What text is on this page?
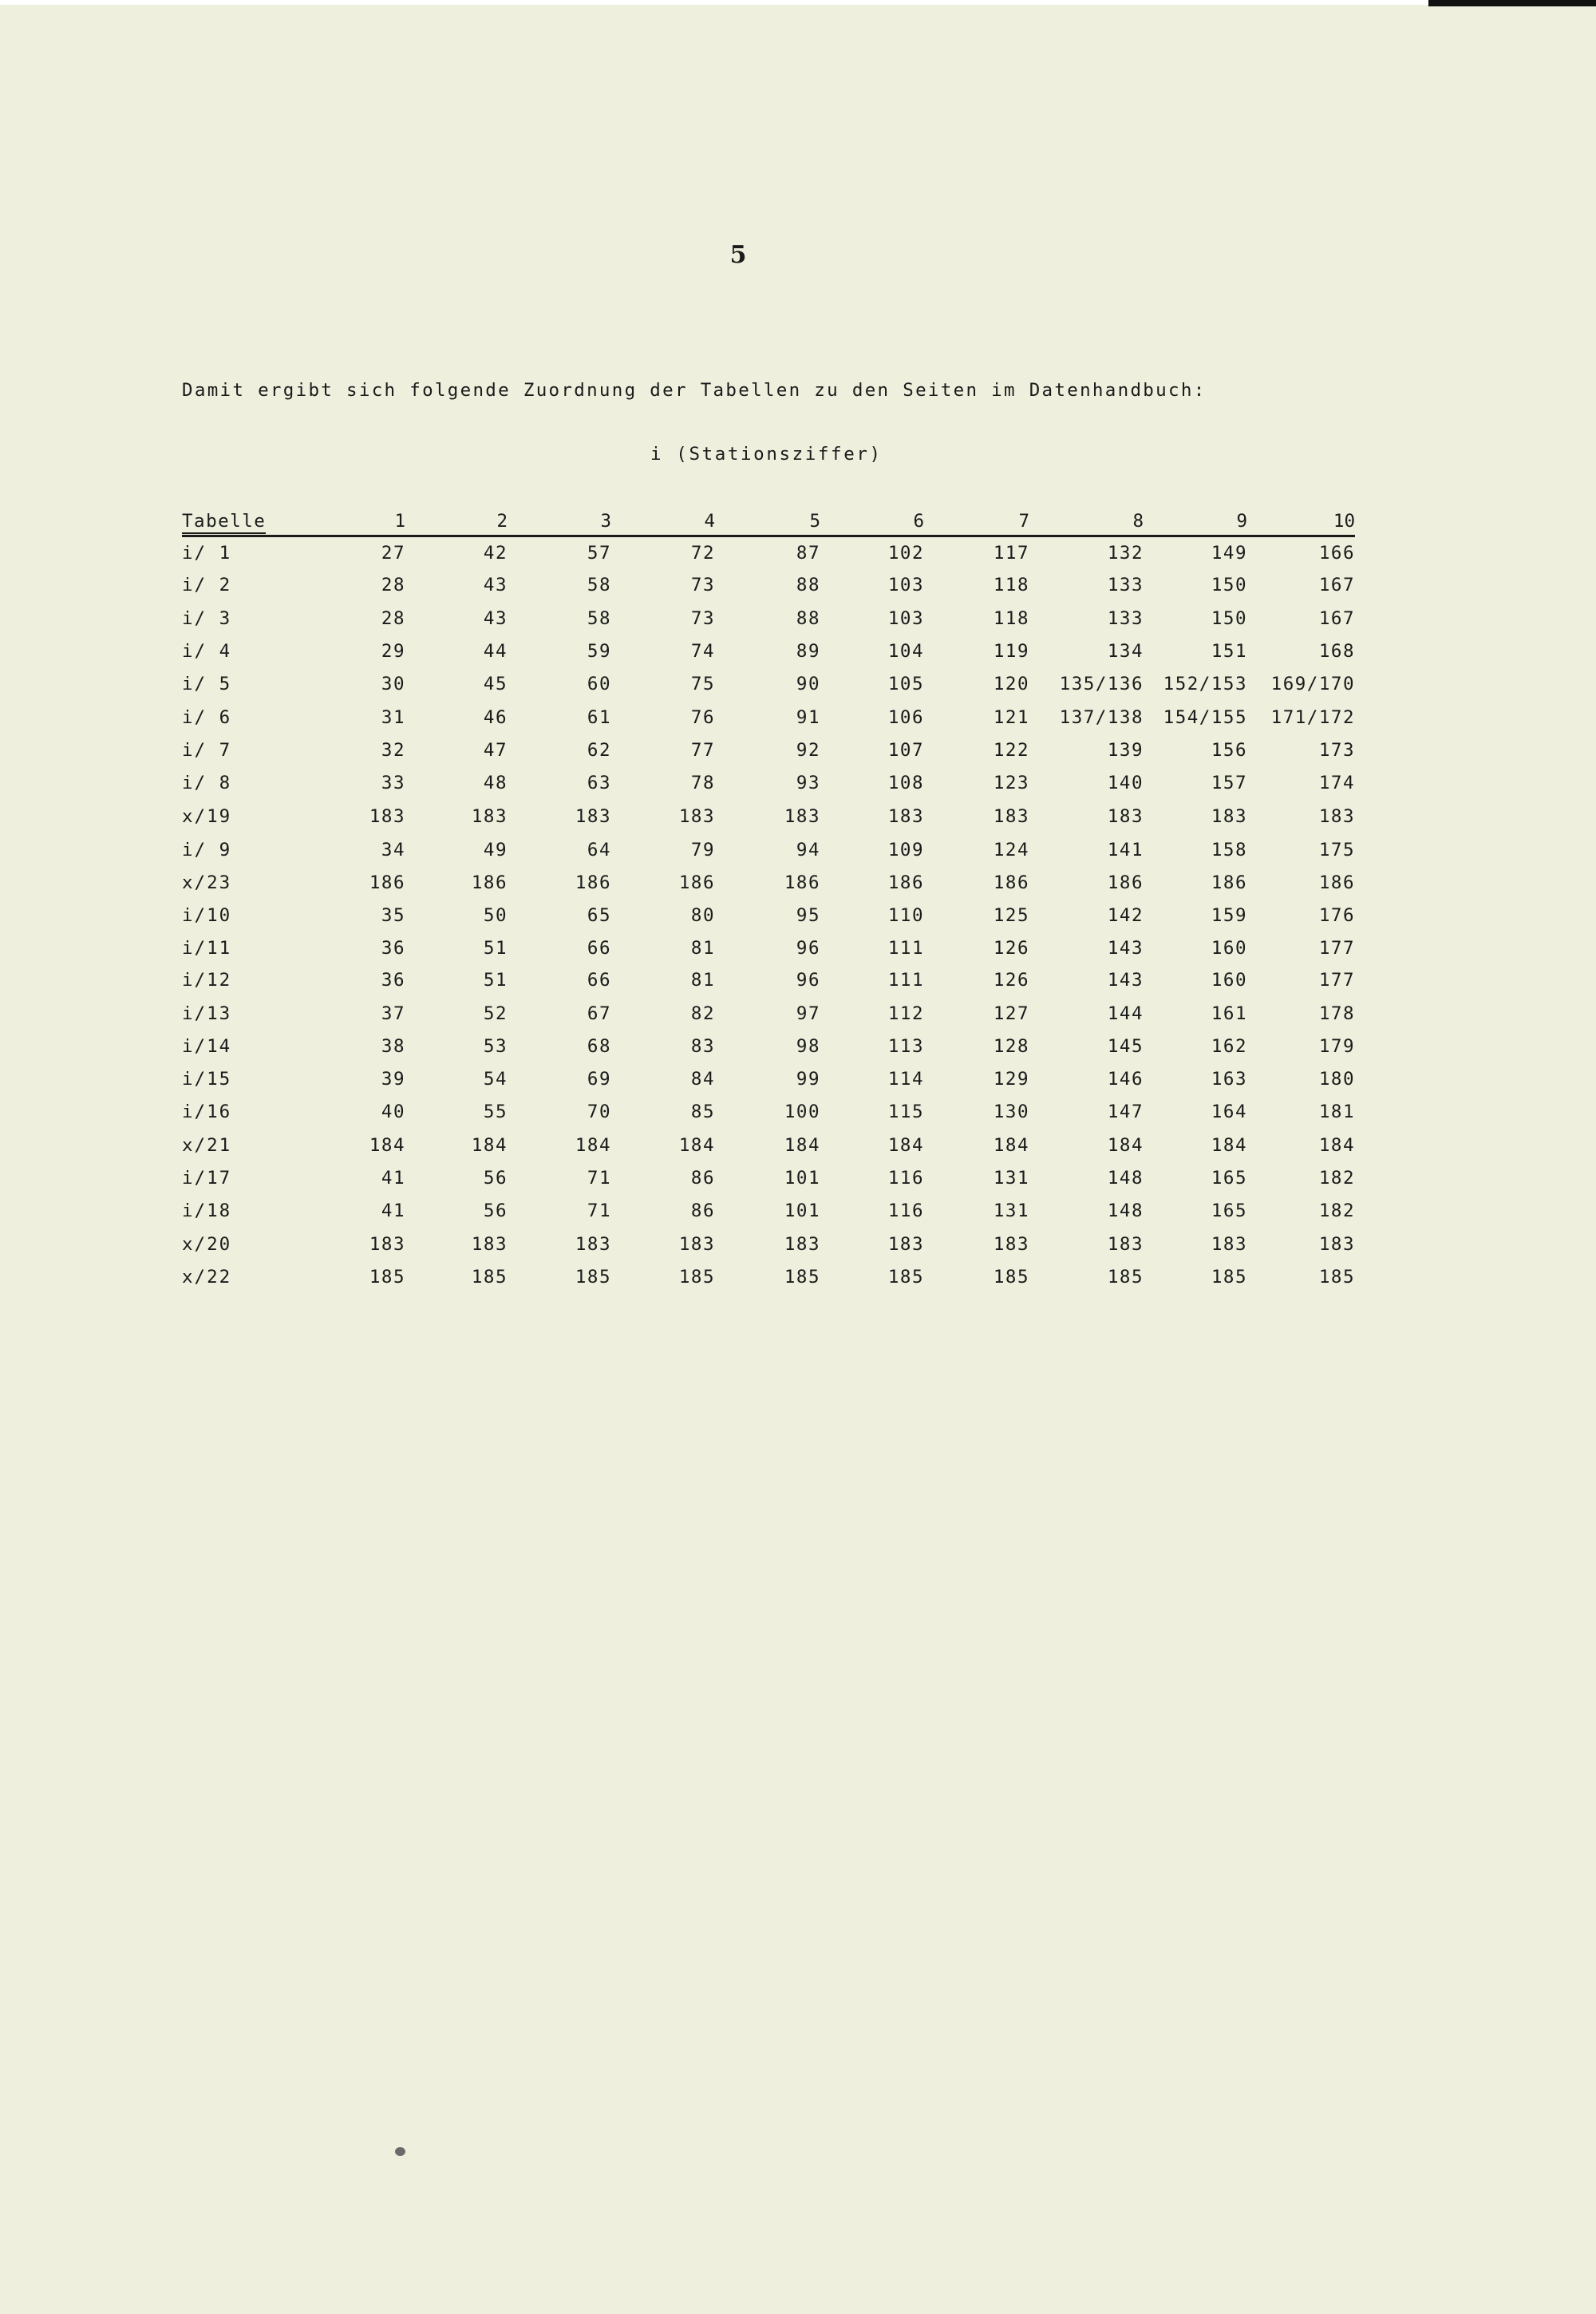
5
Damit ergibt sich folgende Zuordnung der Tabellen zu den Seiten im Datenhandbuch:
i (Stationsziffer)
Tabelle	1	2	3	4	5	6	7	8	9	10
i/ 1	27	42	57	72	87	102	117	132	149	166
i/ 2	28	43	58	73	88	103	118	133	150	167
i/ 3	28	43	58	73	88	103	118	133	150	167
i/ 4	29	44	59	74	89	104	119	134	151	168
i/ 5	30	45	60	75	90	105	120	135/136	152/153	169/170
i/ 6	31	46	61	76	91	106	121	137/138	154/155	171/172
i/ 7	32	47	62	77	92	107	122	139	156	173
i/ 8	33	48	63	78	93	108	123	140	157	174
x/19	183	183	183	183	183	183	183	183	183	183
i/ 9	34	49	64	79	94	109	124	141	158	175
x/23	186	186	186	186	186	186	186	186	186	186
i/10	35	50	65	80	95	110	125	142	159	176
i/11	36	51	66	81	96	111	126	143	160	177
i/12	36	51	66	81	96	111	126	143	160	177
i/13	37	52	67	82	97	112	127	144	161	178
i/14	38	53	68	83	98	113	128	145	162	179
i/15	39	54	69	84	99	114	129	146	163	180
i/16	40	55	70	85	100	115	130	147	164	181
x/21	184	184	184	184	184	184	184	184	184	184
i/17	41	56	71	86	101	116	131	148	165	182
i/18	41	56	71	86	101	116	131	148	165	182
x/20	183	183	183	183	183	183	183	183	183	183
x/22	185	185	185	185	185	185	185	185	185	185
